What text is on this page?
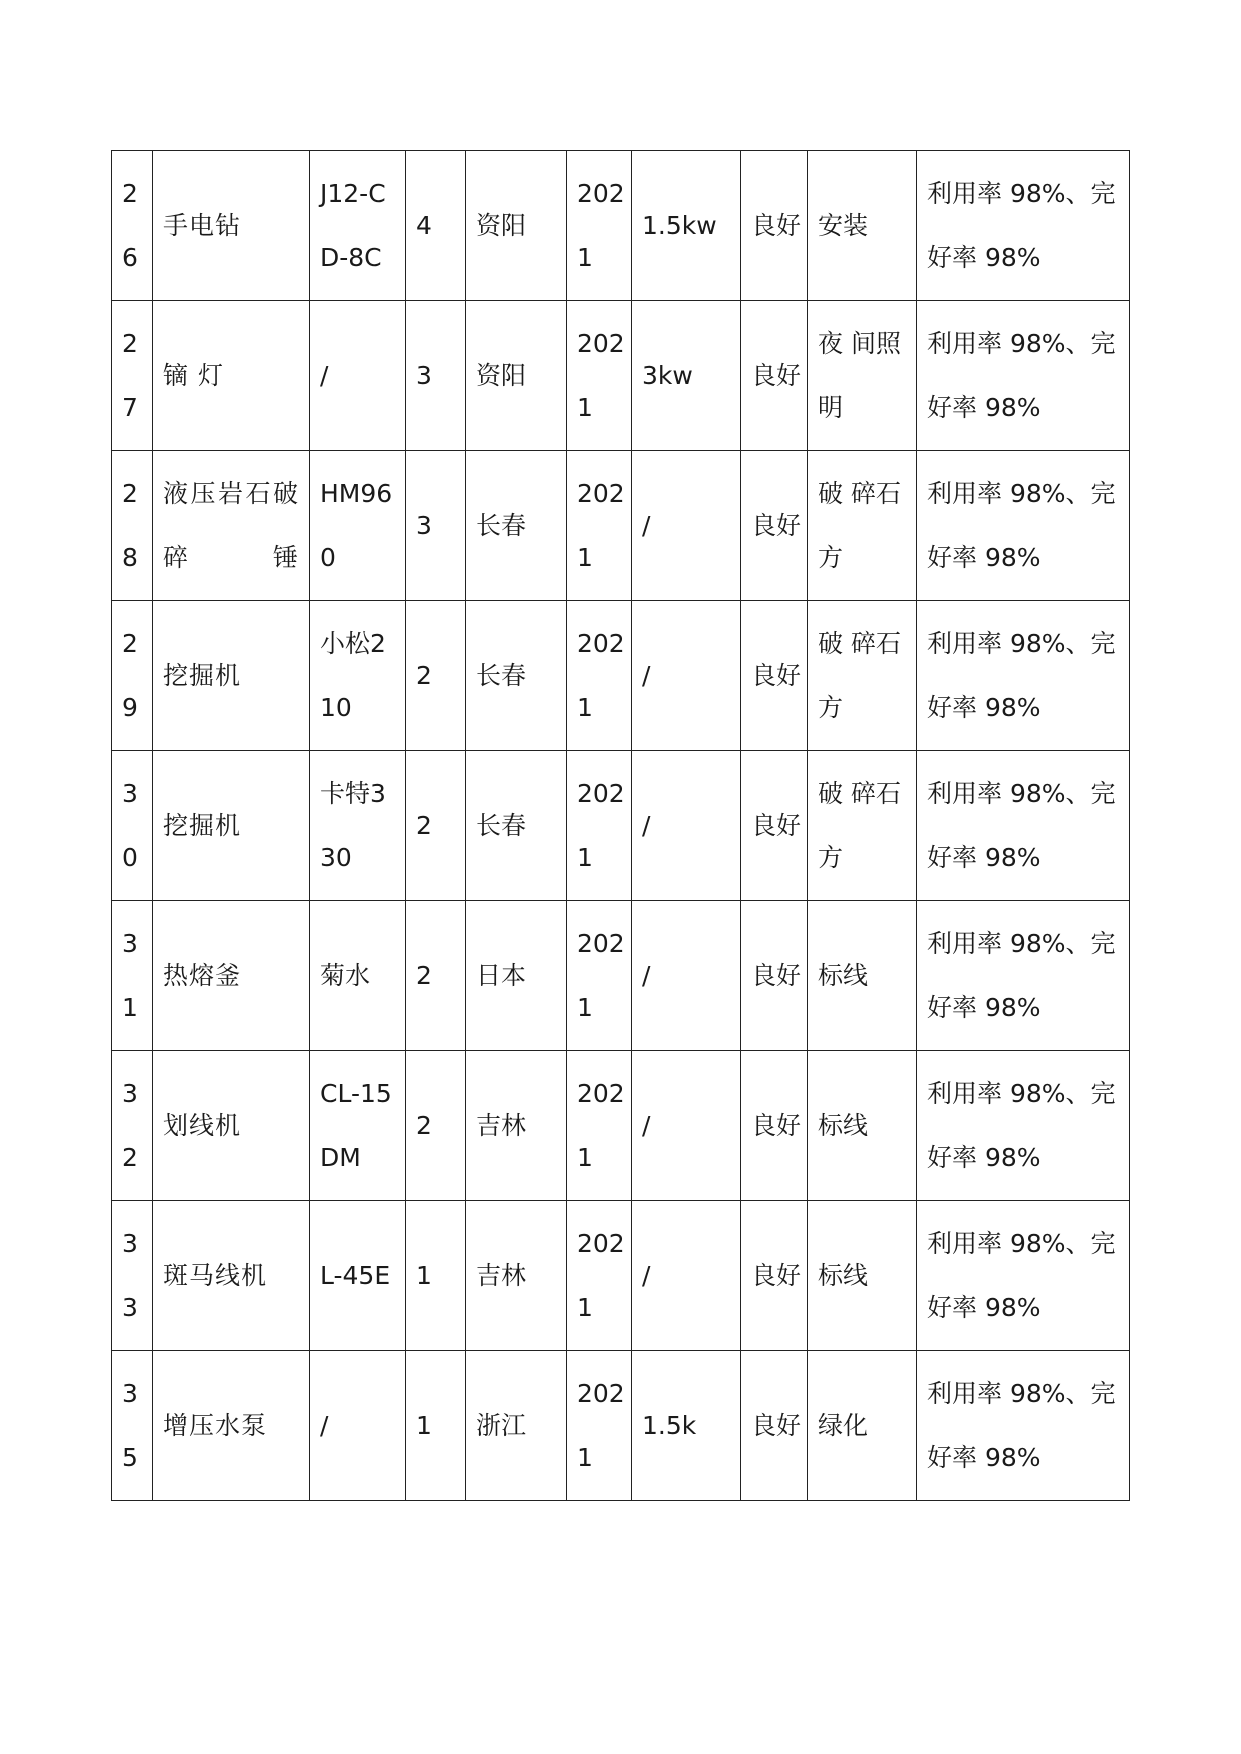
26	手电钻	J12-CD-8C	4	资阳	2021	1.5kw	良好	安装	利用率 98%、完好率 98%
27	镝 灯	/	3	资阳	2021	3kw	良好	夜 间照明	利用率 98%、完好率 98%
28	液压岩石破碎锤	HM960	3	长春	2021	/	良好	破 碎石方	利用率 98%、完好率 98%
29	挖掘机	小松210	2	长春	2021	/	良好	破 碎石方	利用率 98%、完好率 98%
30	挖掘机	卡特330	2	长春	2021	/	良好	破 碎石方	利用率 98%、完好率 98%
31	热熔釜	菊水	2	日本	2021	/	良好	标线	利用率 98%、完好率 98%
32	划线机	CL-15DM	2	吉林	2021	/	良好	标线	利用率 98%、完好率 98%
33	斑马线机	L-45E	1	吉林	2021	/	良好	标线	利用率 98%、完好率 98%
35	增压水泵	/	1	浙江	2021	1.5k	良好	绿化	利用率 98%、完好率 98%
